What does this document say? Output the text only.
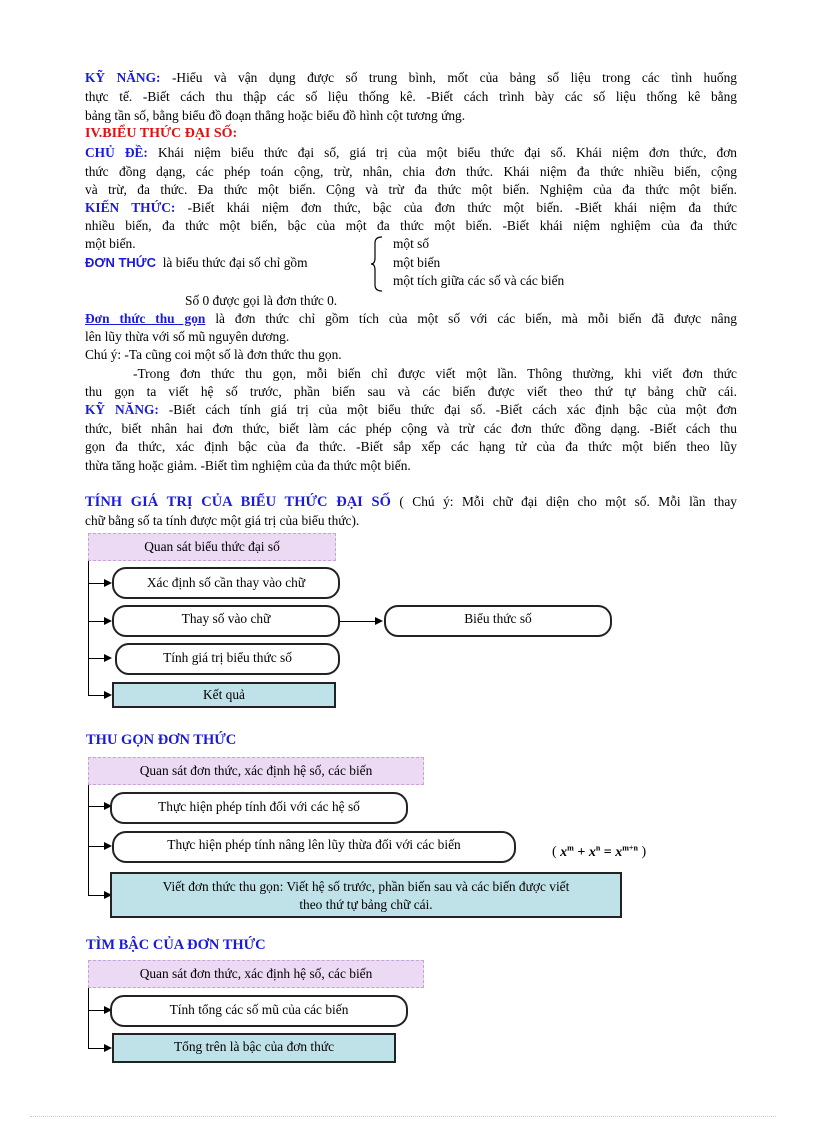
KỸ NĂNG: -Hiểu và vận dụng được số trung bình, mốt của bảng số liệu trong các tình huống
thực tế. -Biết cách thu thập các số liệu thống kê. -Biết cách trình bày các số liệu thống kê bằng
bảng tần số, bằng biểu đồ đoạn thẳng hoặc biểu đồ hình cột tương ứng.
IV.BIỂU THỨC ĐẠI SỐ:
CHỦ ĐỀ: Khái niệm biểu thức đại số, giá trị của một biểu thức đại số. Khái niệm đơn thức, đơn
thức đồng dạng, các phép toán cộng, trừ, nhân, chia đơn thức. Khái niệm đa thức nhiều biến, cộng
và trừ, đa thức. Đa thức một biến. Cộng và trừ đa thức một biến. Nghiệm của đa thức một biến.
KIẾN THỨC: -Biết khái niệm đơn thức, bậc của đơn thức một biến. -Biết khái niệm đa thức
nhiều biến, đa thức một biến, bậc của một đa thức một biến. -Biết khái niệm nghiệm của đa thức
một biến.
ĐƠN THỨC là biểu thức đại số chỉ gồm
một số
một biến
một tích giữa các số và các biến
Số 0 được gọi là đơn thức 0.
Đơn thức thu gọn là đơn thức chỉ gồm tích của một số với các biến, mà mỗi biến đã được nâng
lên lũy thừa với số mũ nguyên dương.
Chú ý: -Ta cũng coi một số là đơn thức thu gọn.
-Trong đơn thức thu gọn, mỗi biến chỉ được viết một lần. Thông thường, khi viết đơn thức
thu gọn ta viết hệ số trước, phần biến sau và các biến được viết theo thứ tự bảng chữ cái.
KỸ NĂNG: -Biết cách tính giá trị của một biểu thức đại số. -Biết cách xác định bậc của một đơn
thức, biết nhân hai đơn thức, biết làm các phép cộng và trừ các đơn thức đồng dạng. -Biết cách thu
gọn đa thức, xác định bậc của đa thức. -Biết sắp xếp các hạng tử của đa thức một biến theo lũy
thừa tăng hoặc giảm. -Biết tìm nghiệm của đa thức một biến.
TÍNH GIÁ TRỊ CỦA BIỂU THỨC ĐẠI SỐ ( Chú ý: Mỗi chữ đại diện cho một số. Mỗi lần thay
chữ bằng số ta tính được một giá trị của biểu thức).
Quan sát biểu thức đại số
Xác định số cần thay vào chữ
Thay số vào chữ	Biểu thức số
Tính giá trị biểu thức số
Kết quả
THU GỌN ĐƠN THỨC
Quan sát đơn thức, xác định hệ số, các biến
Thực hiện phép tính đối với các hệ số
Thực hiện phép tính nâng lên lũy thừa đối với các biến
( $x^m + x^n = x^{m+n}$ )
Viết đơn thức thu gọn: Viết hệ số trước, phần biến sau và các biến được viết
theo thứ tự bảng chữ cái.
TÌM BẬC CỦA ĐƠN THỨC
Quan sát đơn thức, xác định hệ số, các biến
Tính tổng các số mũ của các biến
Tổng trên là bậc của đơn thức
